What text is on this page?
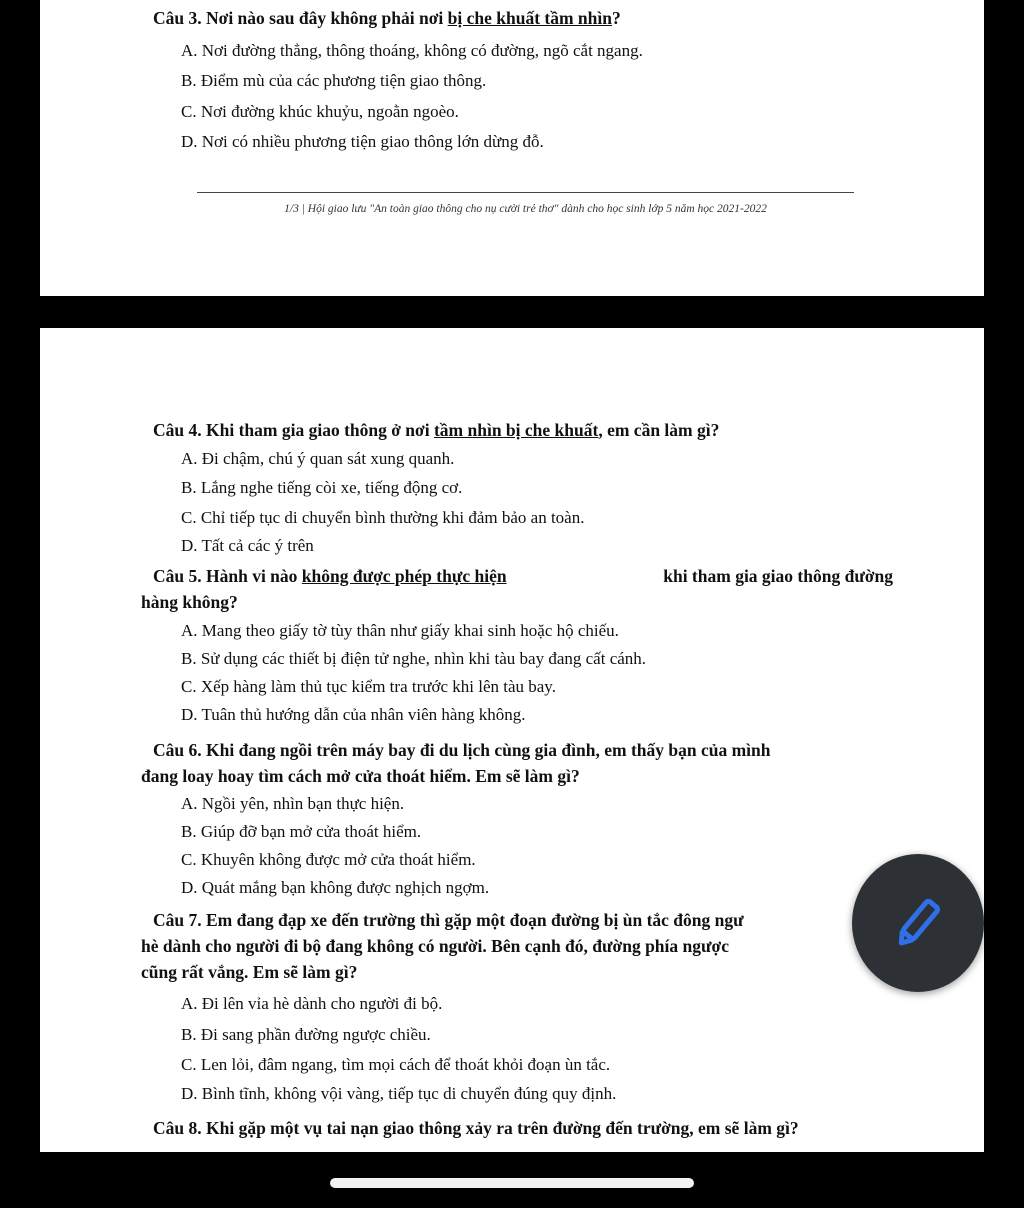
Câu 3. Nơi nào sau đây không phải nơi bị che khuất tầm nhìn?

A. Nơi đường thẳng, thông thoáng, không có đường, ngõ cắt ngang.

B. Điểm mù của các phương tiện giao thông.

C. Nơi đường khúc khuỷu, ngoằn ngoèo.

D. Nơi có nhiều phương tiện giao thông lớn dừng đỗ.

1/3 | Hội giao lưu "An toàn giao thông cho nụ cười trẻ thơ" dành cho học sinh lớp 5 năm học 2021-2022

Câu 4. Khi tham gia giao thông ở nơi tầm nhìn bị che khuất, em cần làm gì?

A. Đi chậm, chú ý quan sát xung quanh.

B. Lắng nghe tiếng còi xe, tiếng động cơ.

C. Chỉ tiếp tục di chuyển bình thường khi đảm bảo an toàn.

D. Tất cả các ý trên

Câu 5. Hành vi nào không được phép thực hiện	khi tham gia giao thông đường

hàng không?

A. Mang theo giấy tờ tùy thân như giấy khai sinh hoặc hộ chiếu.

B. Sử dụng các thiết bị điện tử nghe, nhìn khi tàu bay đang cất cánh.

C. Xếp hàng làm thủ tục kiểm tra trước khi lên tàu bay.

D. Tuân thủ hướng dẫn của nhân viên hàng không.

Câu 6. Khi đang ngồi trên máy bay đi du lịch cùng gia đình, em thấy bạn của mình

đang loay hoay tìm cách mở cửa thoát hiểm. Em sẽ làm gì?

A. Ngồi yên, nhìn bạn thực hiện.

B. Giúp đỡ bạn mở cửa thoát hiểm.

C. Khuyên không được mở cửa thoát hiểm.

D. Quát mắng bạn không được nghịch ngợm.

Câu 7. Em đang đạp xe đến trường thì gặp một đoạn đường bị ùn tắc đông ngư

hè dành cho người đi bộ đang không có người. Bên cạnh đó, đường phía ngược

cũng rất vắng. Em sẽ làm gì?

A. Đi lên vỉa hè dành cho người đi bộ.

B. Đi sang phần đường ngược chiều.

C. Len lỏi, đâm ngang, tìm mọi cách để thoát khỏi đoạn ùn tắc.

D. Bình tĩnh, không vội vàng, tiếp tục di chuyển đúng quy định.

Câu 8. Khi gặp một vụ tai nạn giao thông xảy ra trên đường đến trường, em sẽ làm gì?
